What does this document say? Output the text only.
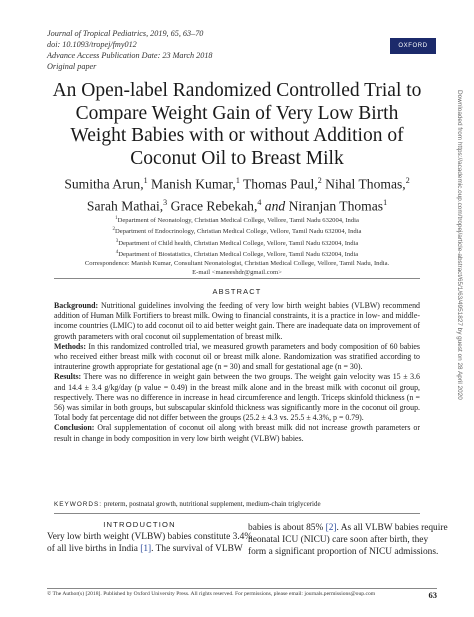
Journal of Tropical Pediatrics, 2019, 65, 63–70
doi: 10.1093/tropej/fmy012
Advance Access Publication Date: 23 March 2018
Original paper
OXFORD
An Open-label Randomized Controlled Trial to
Compare Weight Gain of Very Low Birth
Weight Babies with or without Addition of
Coconut Oil to Breast Milk
Sumitha Arun,$^1$ Manish Kumar,$^1$ Thomas Paul,$^2$ Nihal Thomas,$^2$
Sarah Mathai,$^3$ Grace Rebekah,$^4$ and Niranjan Thomas$^1$
$^1$Department of Neonatology, Christian Medical College, Vellore, Tamil Nadu 632004, India
$^2$Department of Endocrinology, Christian Medical College, Vellore, Tamil Nadu 632004, India
$^3$Department of Child health, Christian Medical College, Vellore, Tamil Nadu 632004, India
$^4$Department of Biostatistics, Christian Medical College, Vellore, Tamil Nadu 632004, India
Correspondence: Manish Kumar, Consultant Neonatologist, Christian Medical College, Vellore, Tamil Nadu, India.
E-mail <maneeshdr@gmail.com>
ABSTRACT

Background: Nutritional guidelines involving the feeding of very low birth weight babies (VLBW) recommend addition of Human Milk Fortifiers to breast milk. Owing to financial constraints, it is a practice in low- and middle-income countries (LMIC) to add coconut oil to aid better weight gain. There are inadequate data on improvement of growth parameters with oral coconut oil supplementation of breast milk.

Methods: In this randomized controlled trial, we measured growth parameters and body composition of 60 babies who received either breast milk with coconut oil or breast milk alone. Randomization was stratified according to intrauterine growth appropriate for gestational age (n = 30) and small for gestational age (n = 30).

Results: There was no difference in weight gain between the two groups. The weight gain velocity was 15 ± 3.6 and 14.4 ± 3.4 g/kg/day (p value = 0.49) in the breast milk alone and in the breast milk with coconut oil group, respectively. There was no difference in increase in head circumference and length. Triceps skinfold thickness (n = 56) was similar in both groups, but subscapular skinfold thickness was significantly more in the coconut oil group. Total body fat percentage did not differ between the groups (25.2 ± 4.3 vs. 25.5 ± 4.3%, p = 0.79).

Conclusion: Oral supplementation of coconut oil along with breast milk did not increase growth parameters or result in change in body composition in very low birth weight (VLBW) babies.

KEYWORDS: preterm, postnatal growth, nutritional supplement, medium-chain triglyceride
INTRODUCTION
Very low birth weight (VLBW) babies constitute 3.4%
of all live births in India [1]. The survival of VLBW
babies is about 85% [2]. As all VLBW babies require
neonatal ICU (NICU) care soon after birth, they
form a significant proportion of NICU admissions.
© The Author(s) [2018]. Published by Oxford University Press. All rights reserved. For permissions, please email: journals.permissions@oup.com	63
Downloaded from https://academic.oup.com/tropej/article-abstract/65/1/63/4951827 by guest on 28 April 2020
